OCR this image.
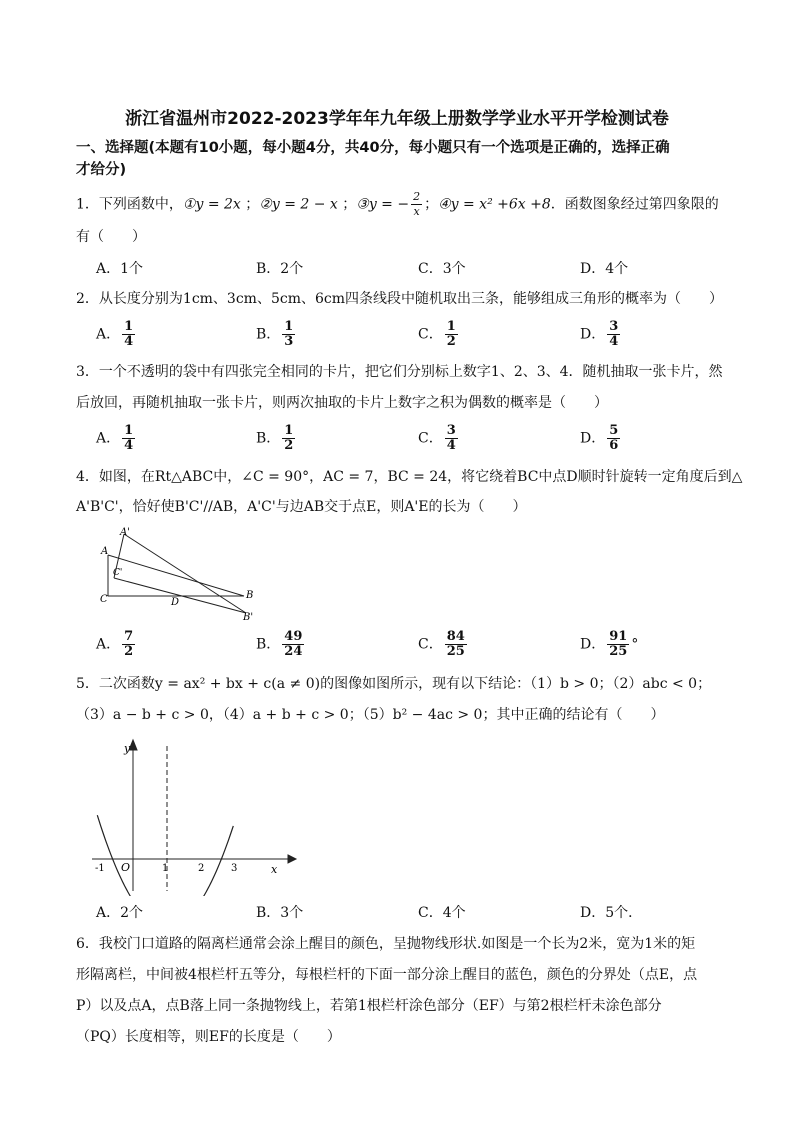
浙江省温州市2022-2023学年年九年级上册数学学业水平开学检测试卷
一、选择题(本题有10小题，每小题4分，共40分，每小题只有一个选项是正确的，选择正确
才给分)
1．下列函数中，①y = 2x ；②y = 2 − x ；③y = − $\frac{2}{x}$ ；④y = x² +6x +8．函数图象经过第四象限的
有（　　）
A．1个	B．2个	C．3个	D．4个
2．从长度分别为1cm、3cm、5cm、6cm四条线段中随机取出三条，能够组成三角形的概率为（　　）
A． $\frac{1}{4}$	B． $\frac{1}{3}$	C． $\frac{1}{2}$	D． $\frac{3}{4}$
3．一个不透明的袋中有四张完全相同的卡片，把它们分别标上数字1、2、3、4．随机抽取一张卡片，然
后放回，再随机抽取一张卡片，则两次抽取的卡片上数字之积为偶数的概率是（　　）
A． $\frac{1}{4}$	B． $\frac{1}{2}$	C． $\frac{3}{4}$	D． $\frac{5}{6}$
4．如图，在Rt△ABC中，∠C = 90°，AC = 7，BC = 24，将它绕着BC中点D顺时针旋转一定角度后到△
A'B'C'，恰好使B'C'//AB，A'C'与边AB交于点E，则A'E的长为（　　）
A'
A
C'
C	D
B
B'
A． $\frac{7}{2}$	B． $\frac{49}{24}$	C． $\frac{84}{25}$	D． $\frac{91}{25}$ °
5．二次函数y = ax² + bx + c(a ≠ 0)的图像如图所示，现有以下结论：（1）b > 0；（2）abc < 0；
（3）a − b + c > 0，（4）a + b + c > 0；（5）b² − 4ac > 0；其中正确的结论有（　　）
y
x
O
-1	1	2	3
A．2个	B．3个	C．4个	D．5个．
6．我校门口道路的隔离栏通常会涂上醒目的颜色，呈抛物线形状.如图是一个长为2米，宽为1米的矩
形隔离栏，中间被4根栏杆五等分，每根栏杆的下面一部分涂上醒目的蓝色，颜色的分界处（点E，点
P）以及点A，点B落上同一条抛物线上，若第1根栏杆涂色部分（EF）与第2根栏杆未涂色部分
（PQ）长度相等，则EF的长度是（　　）
